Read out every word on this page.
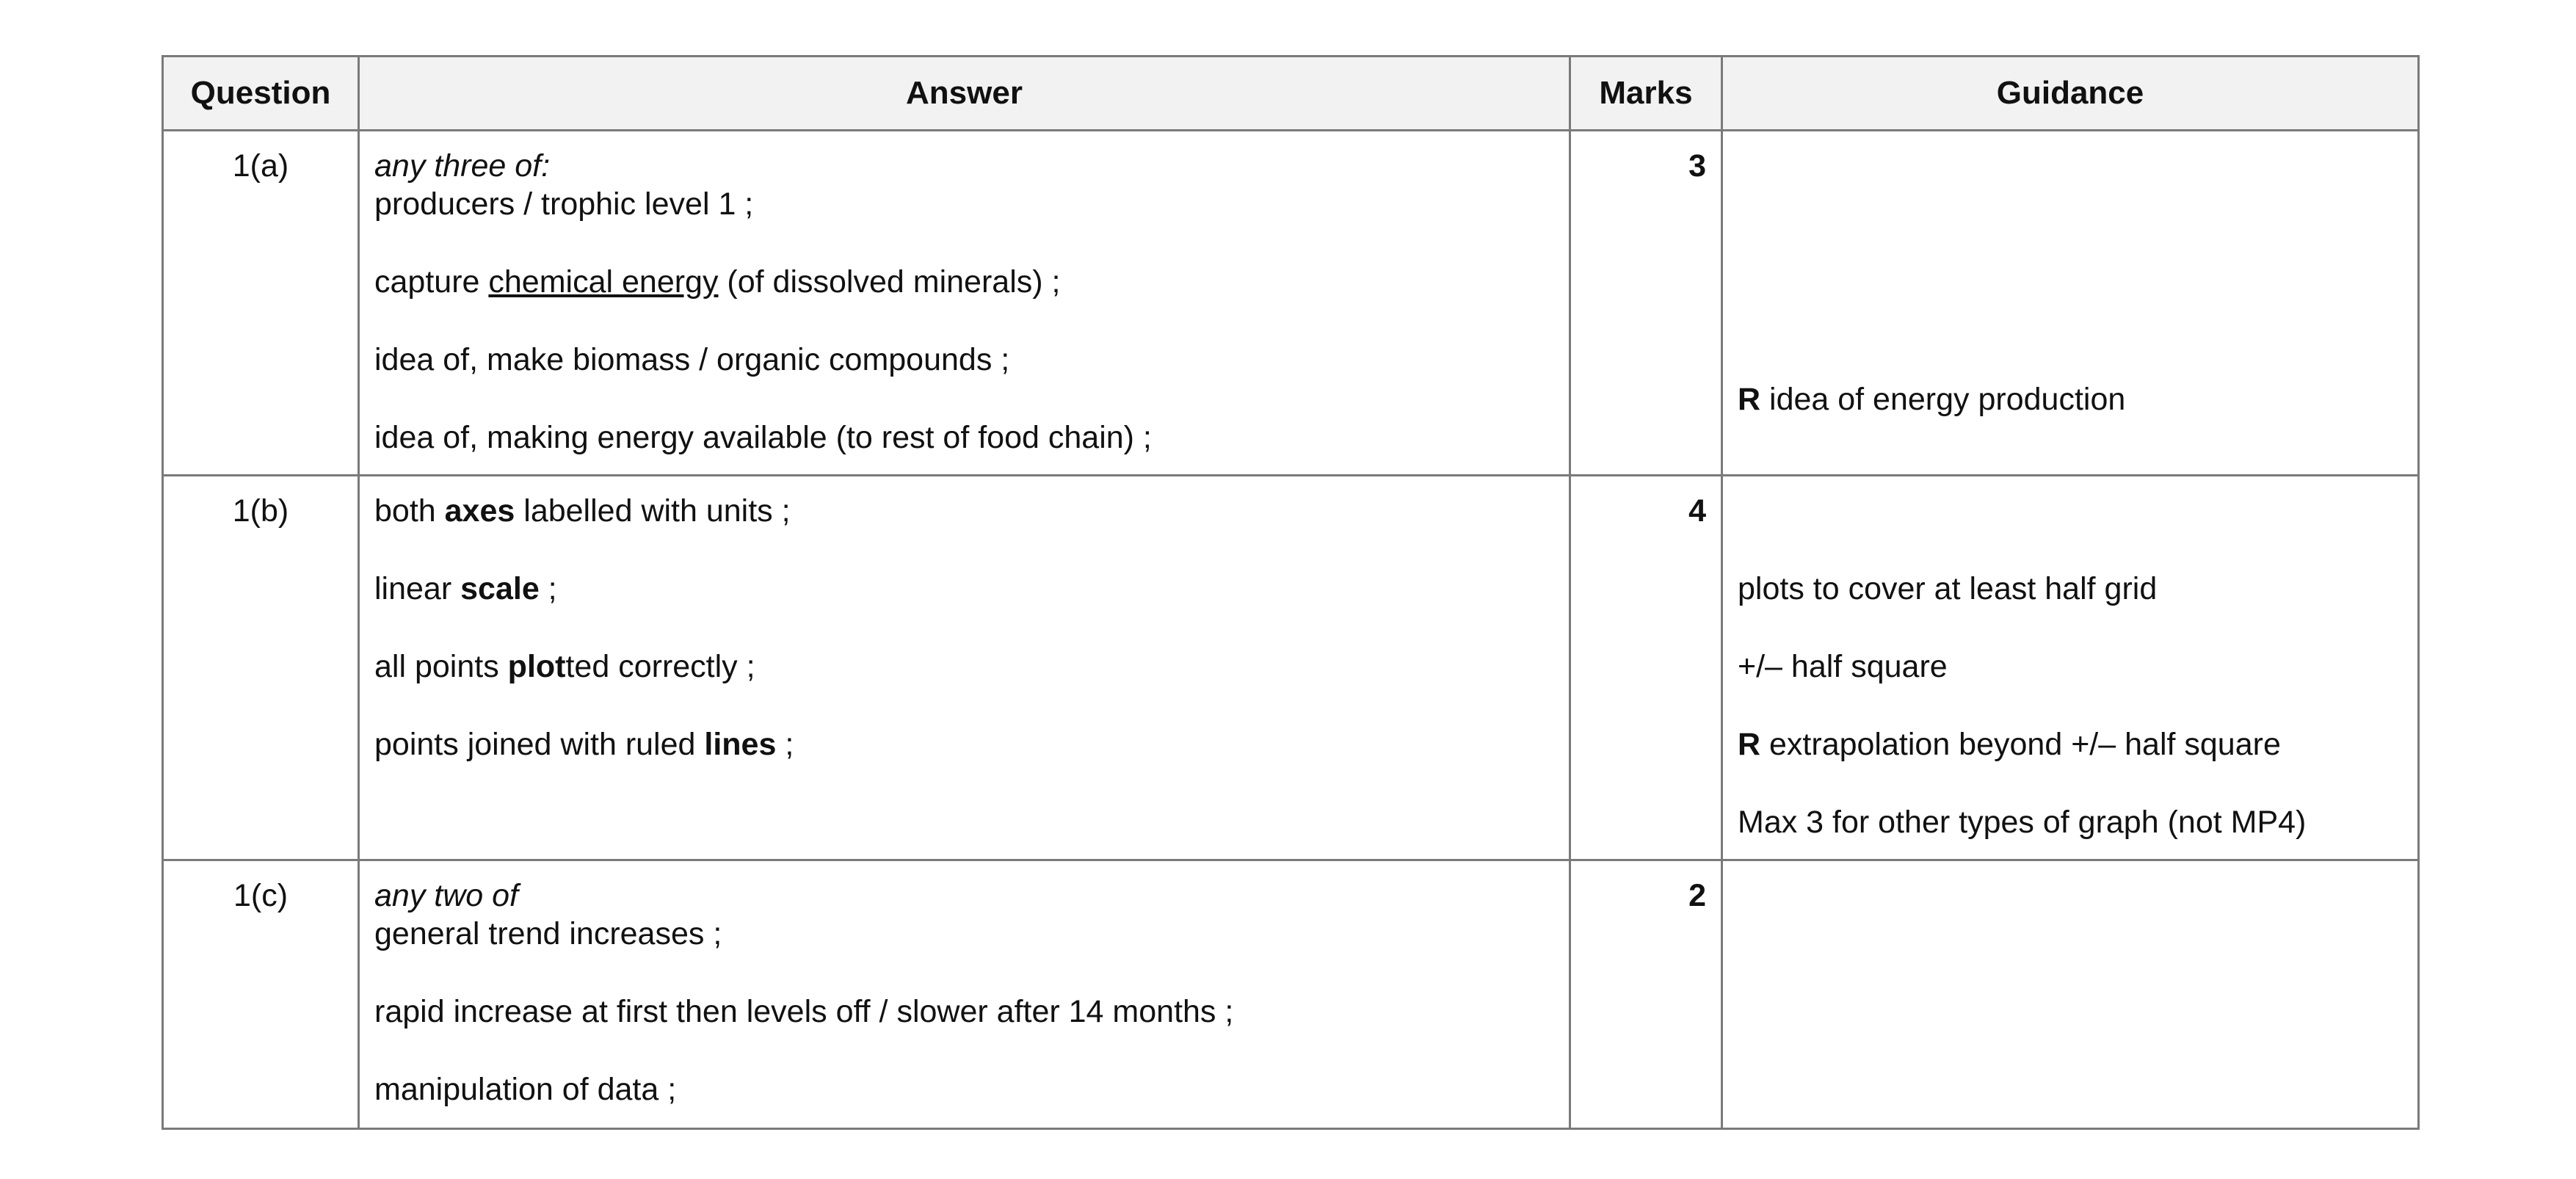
Question	Answer	Marks	Guidance
1(a)	any three of:
producers / trophic level 1 ;
capture chemical energy (of dissolved minerals) ;
idea of, make biomass / organic compounds ;
idea of, making energy available (to rest of food chain) ;	3	R idea of energy production

1(b)	both axes labelled with units ;
linear scale ;
all points plotted correctly ;
points joined with ruled lines ;	4	plots to cover at least half grid
+/– half square
R extrapolation beyond +/– half square
Max 3 for other types of graph (not MP4)

1(c)	any two of
general trend increases ;
rapid increase at first then levels off / slower after 14 months ;
manipulation of data ;	2	
